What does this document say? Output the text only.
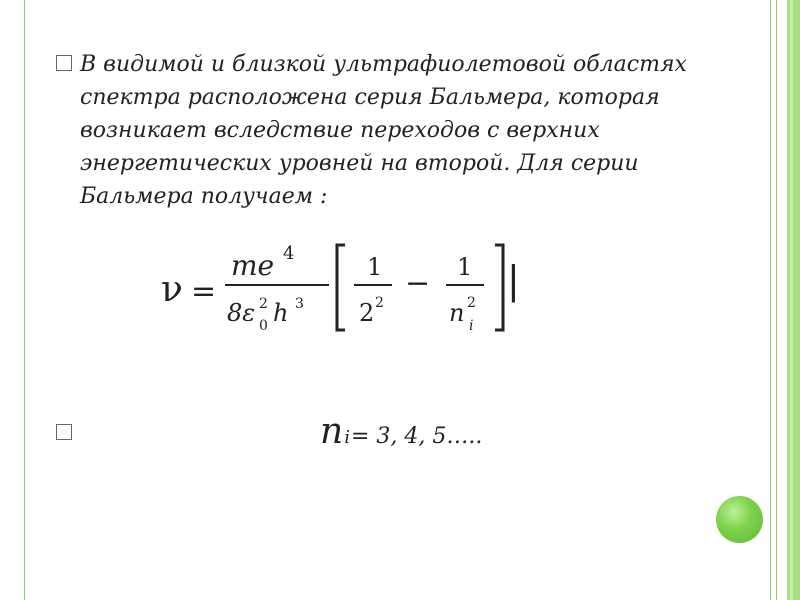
В видимой и близкой ультрафиолетовой областях спектра расположена серия Бальмера, которая возникает вследствие переходов с верхних энергетических уровней на второй. Для серии Бальмера получаем :
ν =
me 4
8ε 2
0 h 3
1
2 2
− 1
n 2
i
|
n i = 3, 4, 5…..
